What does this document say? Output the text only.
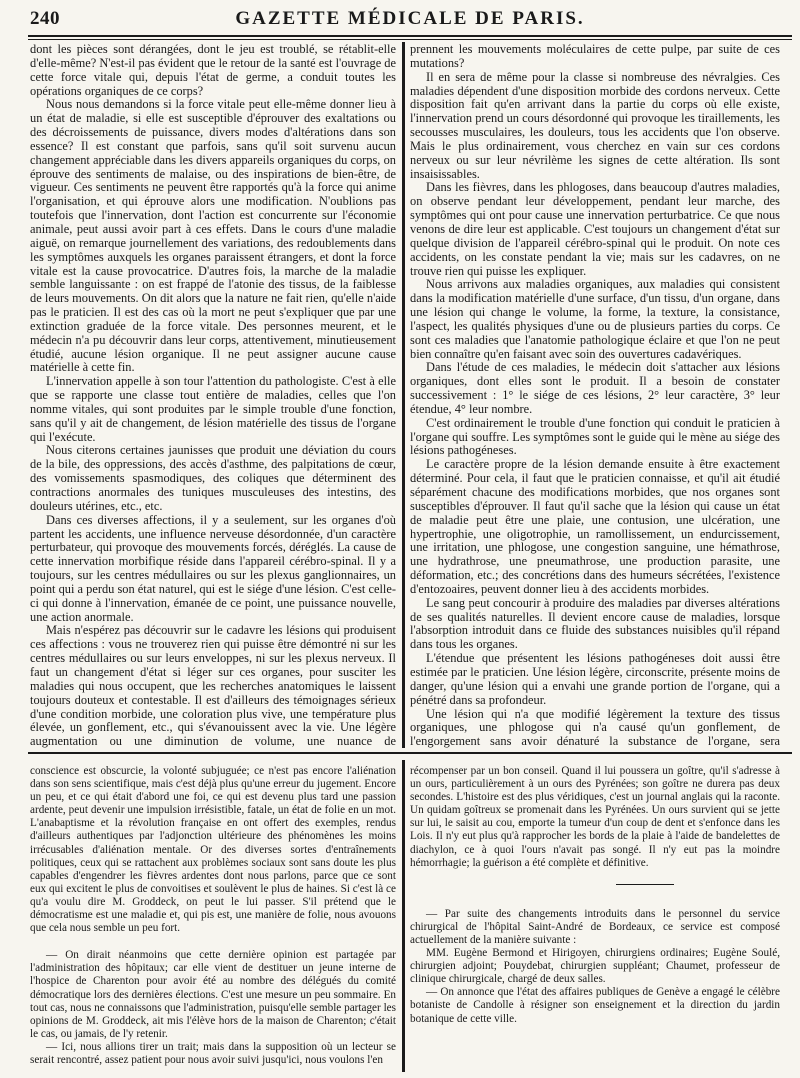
240	GAZETTE MÉDICALE DE PARIS.

dont les pièces sont dérangées, dont le jeu est troublé, se rétablit-elle d'elle-même? N'est-il pas évident que le retour de la santé est l'ouvrage de cette force vitale qui, depuis l'état de germe, a conduit toutes les opérations organiques de ce corps?

Nous nous demandons si la force vitale peut elle-même donner lieu à un état de maladie, si elle est susceptible d'éprouver des exaltations ou des décroissements de puissance, divers modes d'altérations dans son essence? Il est constant que parfois, sans qu'il soit survenu aucun changement appréciable dans les divers appareils organiques du corps, on éprouve des sentiments de malaise, ou des inspirations de bien-être, de vigueur. Ces sentiments ne peuvent être rapportés qu'à la force qui anime l'organisation, et qui éprouve alors une modification. N'oublions pas toutefois que l'innervation, dont l'action est concurrente sur l'économie animale, peut aussi avoir part à ces effets. Dans le cours d'une maladie aiguë, on remarque journellement des variations, des redoublements dans les symptômes auxquels les organes paraissent étrangers, et dont la force vitale est la cause provocatrice. D'autres fois, la marche de la maladie semble languissante : on est frappé de l'atonie des tissus, de la faiblesse de leurs mouvements. On dit alors que la nature ne fait rien, qu'elle n'aide pas le praticien. Il est des cas où la mort ne peut s'expliquer que par une extinction graduée de la force vitale. Des personnes meurent, et le médecin n'a pu découvrir dans leur corps, attentivement, minutieusement étudié, aucune lésion organique. Il ne peut assigner aucune cause matérielle à cette fin.

L'innervation appelle à son tour l'attention du pathologiste. C'est à elle que se rapporte une classe tout entière de maladies, celles que l'on nomme vitales, qui sont produites par le simple trouble d'une fonction, sans qu'il y ait de changement, de lésion matérielle des tissus de l'organe qui l'exécute.

Nous citerons certaines jaunisses que produit une déviation du cours de la bile, des oppressions, des accès d'asthme, des palpitations de cœur, des vomissements spasmodiques, des coliques que déterminent des contractions anormales des tuniques musculeuses des intestins, des douleurs utérines, etc., etc.

Dans ces diverses affections, il y a seulement, sur les organes d'où partent les accidents, une influence nerveuse désordonnée, d'un caractère perturbateur, qui provoque des mouvements forcés, déréglés. La cause de cette innervation morbifique réside dans l'appareil cérébro-spinal. Il y a toujours, sur les centres médullaires ou sur les plexus ganglionnaires, un point qui a perdu son état naturel, qui est le siége d'une lésion. C'est celle-ci qui donne à l'innervation, émanée de ce point, une puissance nouvelle, une action anormale.

Mais n'espérez pas découvrir sur le cadavre les lésions qui produisent ces affections : vous ne trouverez rien qui puisse être démontré ni sur les centres médullaires ou sur leurs enveloppes, ni sur les plexus nerveux. Il faut un changement d'état si léger sur ces organes, pour susciter les maladies qui nous occupent, que les recherches anatomiques le laissent toujours douteux et contestable. Il est d'ailleurs des témoignages sérieux d'une condition morbide, une coloration plus vive, une température plus élevée, un gonflement, etc., qui s'évanouissent avec la vie. Une légère augmentation ou une diminution de volume, une nuance de

prennent les mouvements moléculaires de cette pulpe, par suite de ces mutations?

Il en sera de même pour la classe si nombreuse des névralgies. Ces maladies dépendent d'une disposition morbide des cordons nerveux. Cette disposition fait qu'en arrivant dans la partie du corps où elle existe, l'innervation prend un cours désordonné qui provoque les tiraillements, les secousses musculaires, les douleurs, tous les accidents que l'on observe. Mais le plus ordinairement, vous cherchez en vain sur ces cordons nerveux ou sur leur névrilème les signes de cette altération. Ils sont insaisissables.

Dans les fièvres, dans les phlogoses, dans beaucoup d'autres maladies, on observe pendant leur développement, pendant leur marche, des symptômes qui ont pour cause une innervation perturbatrice. Ce que nous venons de dire leur est applicable. C'est toujours un changement d'état sur quelque division de l'appareil cérébro-spinal qui le produit. On note ces accidents, on les constate pendant la vie; mais sur les cadavres, on ne trouve rien qui puisse les expliquer.

Nous arrivons aux maladies organiques, aux maladies qui consistent dans la modification matérielle d'une surface, d'un tissu, d'un organe, dans une lésion qui change le volume, la forme, la texture, la consistance, l'aspect, les qualités physiques d'une ou de plusieurs parties du corps. Ce sont ces maladies que l'anatomie pathologique éclaire et que l'on ne peut bien connaître qu'en faisant avec soin des ouvertures cadavériques.

Dans l'étude de ces maladies, le médecin doit s'attacher aux lésions organiques, dont elles sont le produit. Il a besoin de constater successivement : 1° le siége de ces lésions, 2° leur caractère, 3° leur étendue, 4° leur nombre.

C'est ordinairement le trouble d'une fonction qui conduit le praticien à l'organe qui souffre. Les symptômes sont le guide qui le mène au siége des lésions pathogéneses.

Le caractère propre de la lésion demande ensuite à être exactement déterminé. Pour cela, il faut que le praticien connaisse, et qu'il ait étudié séparément chacune des modifications morbides, que nos organes sont susceptibles d'éprouver. Il faut qu'il sache que la lésion qui cause un état de maladie peut être une plaie, une contusion, une ulcération, une hypertrophie, une oligotrophie, un ramollissement, un endurcissement, une irritation, une phlogose, une congestion sanguine, une hémathrose, une hydrathrose, une pneumathrose, une production parasite, une déformation, etc.; des concrétions dans des humeurs sécrétées, l'existence d'entozoaires, peuvent donner lieu à des accidents morbides.

Le sang peut concourir à produire des maladies par diverses altérations de ses qualités naturelles. Il devient encore cause de maladies, lorsque l'absorption introduit dans ce fluide des substances nuisibles qu'il répand dans tous les organes.

L'étendue que présentent les lésions pathogéneses doit aussi être estimée par le praticien. Une lésion légère, circonscrite, présente moins de danger, qu'une lésion qui a envahi une grande portion de l'organe, qui a pénétré dans sa profondeur.

Une lésion qui n'a que modifié légèrement la texture des tissus organiques, une phlogose qui n'a causé qu'un gonflement, de l'engorgement sans avoir dénaturé la substance de l'organe, sera

conscience est obscurcie, la volonté subjuguée; ce n'est pas encore l'aliénation dans son sens scientifique, mais c'est déjà plus qu'une erreur du jugement. Encore un peu, et ce qui était d'abord une foi, ce qui est devenu plus tard une passion ardente, peut devenir une impulsion irrésistible, fatale, un état de folie en un mot. L'anabaptisme et la révolution française en ont offert des exemples, rendus d'ailleurs authentiques par l'adjonction ultérieure des phénomènes les moins irrécusables d'aliénation mentale. Or des diverses sortes d'entraînements politiques, ceux qui se rattachent aux problèmes sociaux sont sans doute les plus capables d'engendrer les fièvres ardentes dont nous parlons, parce que ce sont eux qui excitent le plus de convoitises et soulèvent le plus de haines. Si c'est là ce qu'a voulu dire M. Groddeck, on peut le lui passer. S'il prétend que le démocratisme est une maladie et, qui pis est, une manière de folie, nous avouons que cela nous semble un peu fort.

— On dirait néanmoins que cette dernière opinion est partagée par l'administration des hôpitaux; car elle vient de destituer un jeune interne de l'hospice de Charenton pour avoir été au nombre des délégués du comité démocratique lors des dernières élections. C'est une mesure un peu sommaire. En tout cas, nous ne connaissons que l'administration, puisqu'elle semble partager les opinions de M. Groddeck, ait mis l'élève hors de la maison de Charenton; c'était le cas, ou jamais, de l'y retenir.

— Ici, nous allions tirer un trait; mais dans la supposition où un lecteur se serait rencontré, assez patient pour nous avoir suivi jusqu'ici, nous voulons l'en

récompenser par un bon conseil. Quand il lui poussera un goître, qu'il s'adresse à un ours, particulièrement à un ours des Pyrénées; son goître ne durera pas deux secondes. L'histoire est des plus véridiques, c'est un journal anglais qui la raconte. Un quidam goîtreux se promenait dans les Pyrénées. Un ours survient qui se jette sur lui, le saisit au cou, emporte la tumeur d'un coup de dent et s'enfonce dans les Lois. Il n'y eut plus qu'à rapprocher les bords de la plaie à l'aide de bandelettes de diachylon, ce à quoi l'ours n'avait pas songé. Il n'y eut pas la moindre hémorrhagie; la guérison a été complète et définitive.

— Par suite des changements introduits dans le personnel du service chirurgical de l'hôpital Saint-André de Bordeaux, ce service est composé actuellement de la manière suivante :

MM. Eugène Bermond et Hirigoyen, chirurgiens ordinaires; Eugène Soulé, chirurgien adjoint; Pouydebat, chirurgien suppléant; Chaumet, professeur de clinique chirurgicale, chargé de deux salles.

— On annonce que l'état des affaires publiques de Genève a engagé le célèbre botaniste de Candolle à résigner son enseignement et la direction du jardin botanique de cette ville.
